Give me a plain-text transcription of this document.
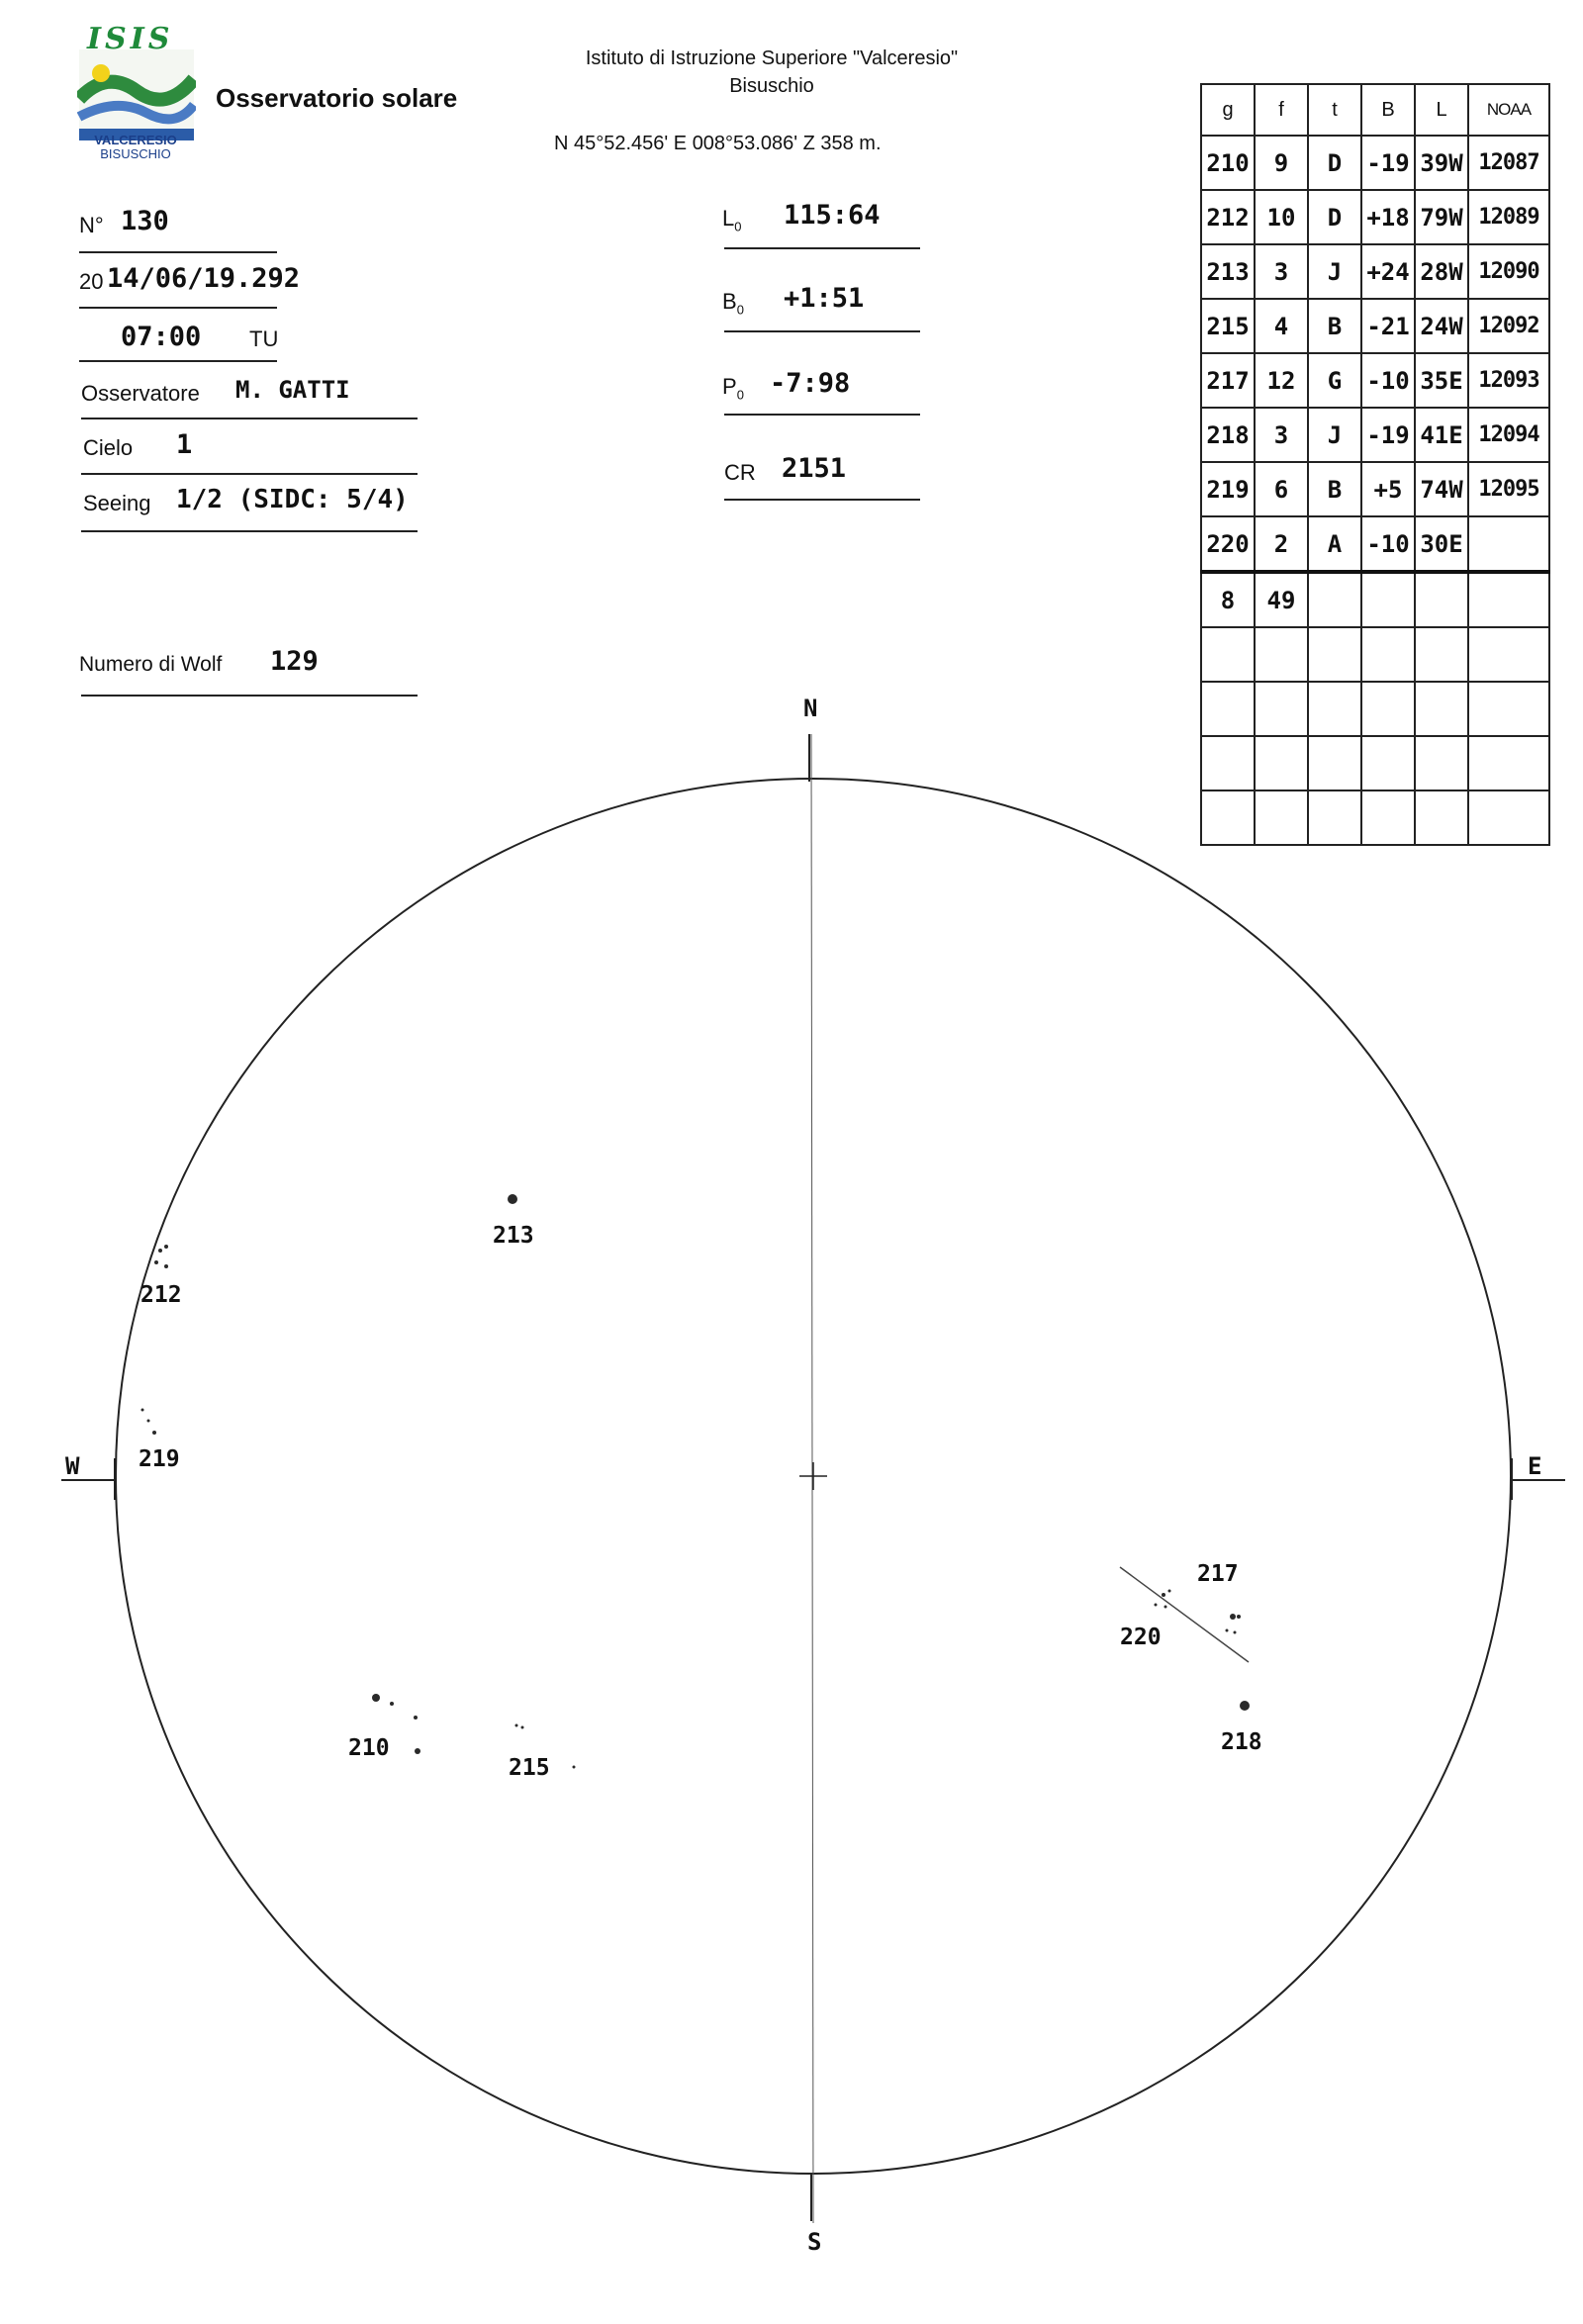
ISIS
VALCERESIO
BISUSCHIO
Osservatorio solare
Istituto di Istruzione Superiore "Valceresio"
Bisuschio
N 45°52.456' E 008°53.086' Z 358 m.
N° 130
20 14/06/19.292
07:00 TU
Osservatore M. GATTI
Cielo 1
Seeing 1/2 (SIDC: 5/4)
Numero di Wolf 129
$L_0$ 115:64
$B_0$ +1:51
$P_0$ -7:98
CR 2151
g	f	t	B	L	NOAA
210	9	D	-19	39W	12087
212	10	D	+18	79W	12089
213	3	J	+24	28W	12090
215	4	B	-21	24W	12092
217	12	G	-10	35E	12093
218	3	J	-19	41E	12094
219	6	B	+5	74W	12095
220	2	A	-10	30E	
8	49				

N
S
W	E
213
212
219
210
215
217
220
218
